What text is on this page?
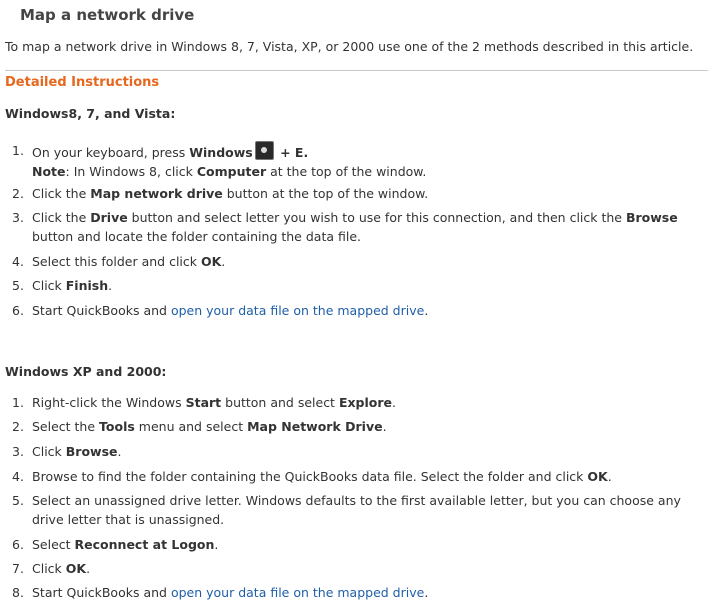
Map a network drive

To map a network drive in Windows 8, 7, Vista, XP, or 2000 use one of the 2 methods described in this article.

Detailed Instructions

Windows8, 7, and Vista:

1. On your keyboard, press Windows + E.
Note: In Windows 8, click Computer at the top of the window.
2. Click the Map network drive button at the top of the window.
3. Click the Drive button and select letter you wish to use for this connection, and then click the Browse button and locate the folder containing the data file.
4. Select this folder and click OK.
5. Click Finish.
6. Start QuickBooks and open your data file on the mapped drive.

Windows XP and 2000:

1. Right-click the Windows Start button and select Explore.
2. Select the Tools menu and select Map Network Drive.
3. Click Browse.
4. Browse to find the folder containing the QuickBooks data file. Select the folder and click OK.
5. Select an unassigned drive letter. Windows defaults to the first available letter, but you can choose any drive letter that is unassigned.
6. Select Reconnect at Logon.
7. Click OK.
8. Start QuickBooks and open your data file on the mapped drive.
